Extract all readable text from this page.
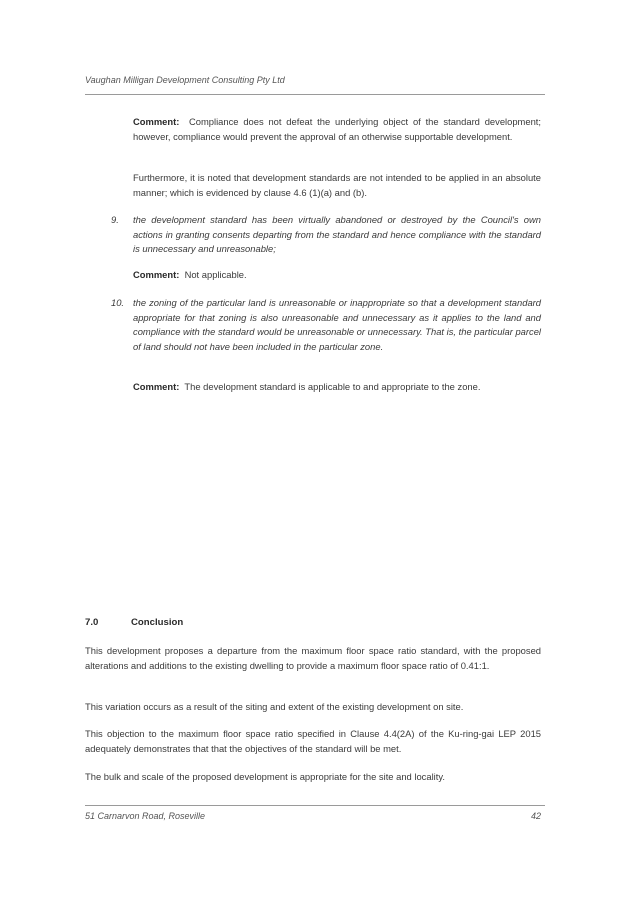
Vaughan Milligan Development Consulting Pty Ltd
Comment: Compliance does not defeat the underlying object of the standard development; however, compliance would prevent the approval of an otherwise supportable development.
Furthermore, it is noted that development standards are not intended to be applied in an absolute manner; which is evidenced by clause 4.6 (1)(a) and (b).
9. the development standard has been virtually abandoned or destroyed by the Council's own actions in granting consents departing from the standard and hence compliance with the standard is unnecessary and unreasonable;
Comment: Not applicable.
10. the zoning of the particular land is unreasonable or inappropriate so that a development standard appropriate for that zoning is also unreasonable and unnecessary as it applies to the land and compliance with the standard would be unreasonable or unnecessary. That is, the particular parcel of land should not have been included in the particular zone.
Comment: The development standard is applicable to and appropriate to the zone.
7.0	Conclusion
This development proposes a departure from the maximum floor space ratio standard, with the proposed alterations and additions to the existing dwelling to provide a maximum floor space ratio of 0.41:1.
This variation occurs as a result of the siting and extent of the existing development on site.
This objection to the maximum floor space ratio specified in Clause 4.4(2A) of the Ku-ring-gai LEP 2015 adequately demonstrates that that the objectives of the standard will be met.
The bulk and scale of the proposed development is appropriate for the site and locality.
51 Carnarvon Road, Roseville	42
